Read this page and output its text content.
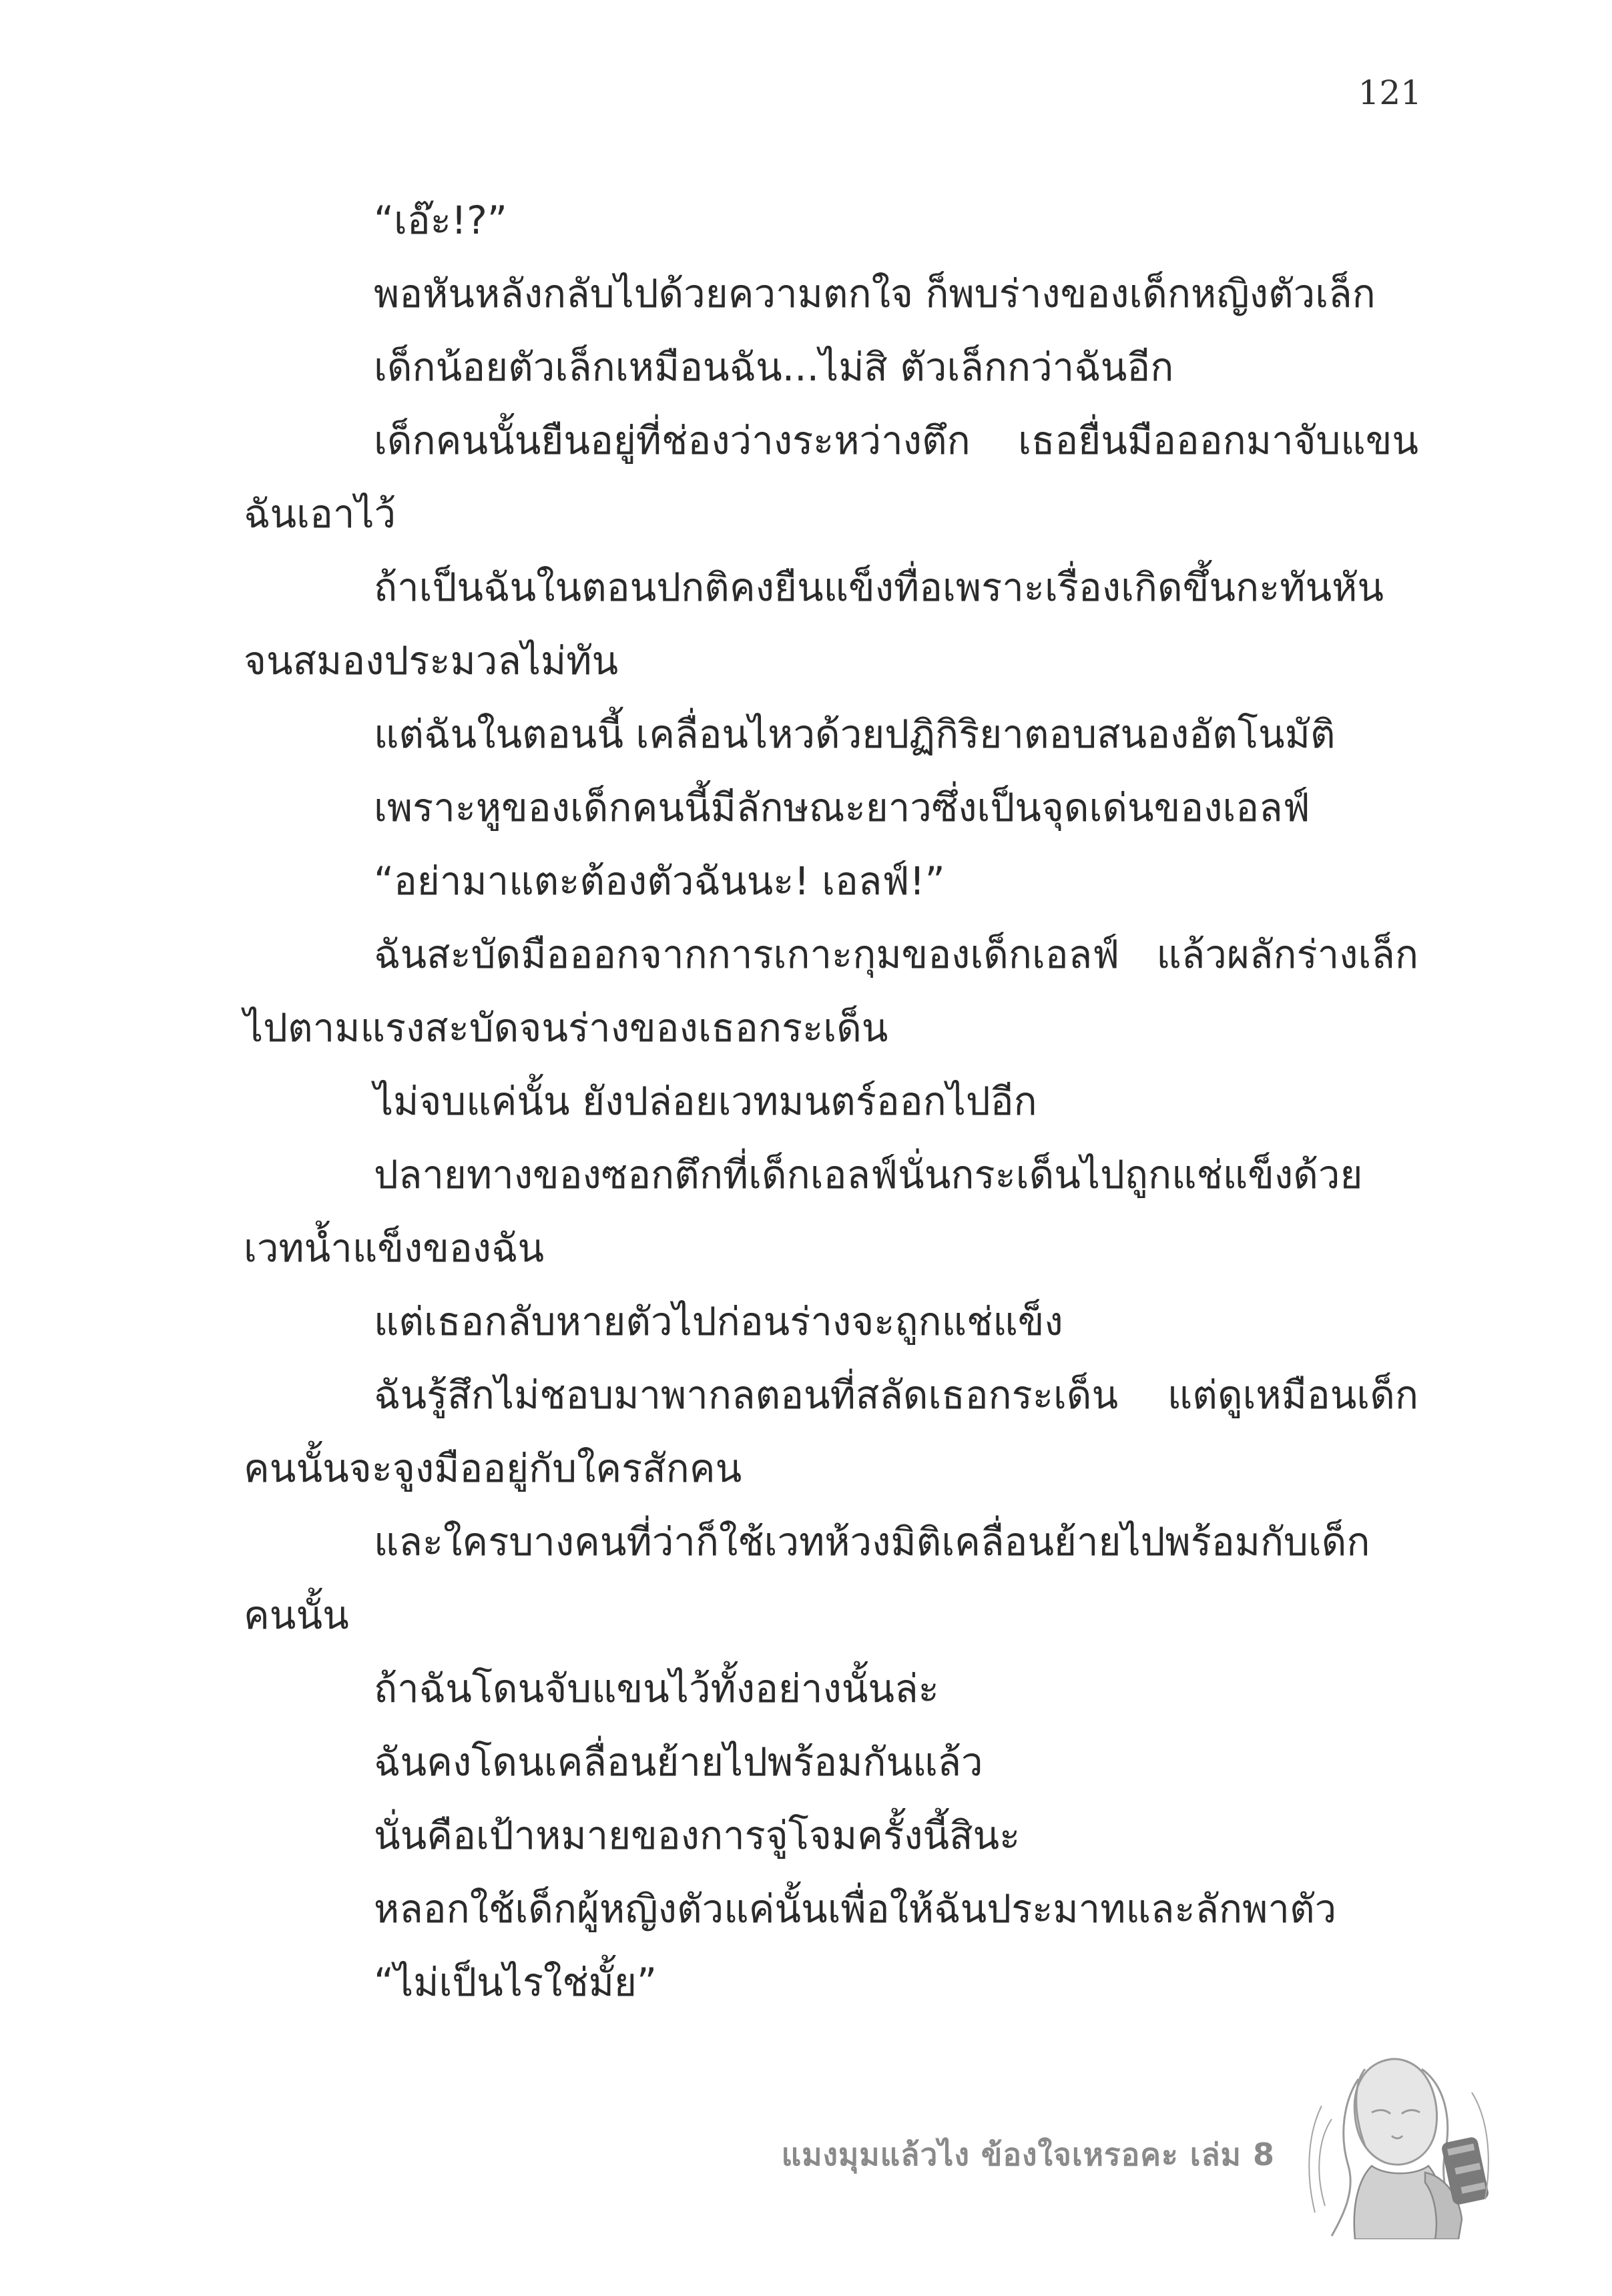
121

“เอ๊ะ!?”

พอหันหลังกลับไปด้วยความตกใจ ก็พบร่างของเด็กหญิงตัวเล็ก

เด็กน้อยตัวเล็กเหมือนฉัน...ไม่สิ ตัวเล็กกว่าฉันอีก

เด็กคนนั้นยืนอยู่ที่ช่องว่างระหว่างตึก เธอยื่นมือออกมาจับแขนฉันเอาไว้

ถ้าเป็นฉันในตอนปกติคงยืนแข็งทื่อเพราะเรื่องเกิดขึ้นกะทันหันจนสมองประมวลไม่ทัน

แต่ฉันในตอนนี้ เคลื่อนไหวด้วยปฏิกิริยาตอบสนองอัตโนมัติ

เพราะหูของเด็กคนนี้มีลักษณะยาวซึ่งเป็นจุดเด่นของเอลฟ์

“อย่ามาแตะต้องตัวฉันนะ! เอลฟ์!”

ฉันสะบัดมือออกจากการเกาะกุมของเด็กเอลฟ์ แล้วผลักร่างเล็กไปตามแรงสะบัดจนร่างของเธอกระเด็น

ไม่จบแค่นั้น ยังปล่อยเวทมนตร์ออกไปอีก

ปลายทางของซอกตึกที่เด็กเอลฟ์นั่นกระเด็นไปถูกแช่แข็งด้วยเวทน้ำแข็งของฉัน

แต่เธอกลับหายตัวไปก่อนร่างจะถูกแช่แข็ง

ฉันรู้สึกไม่ชอบมาพากลตอนที่สลัดเธอกระเด็น แต่ดูเหมือนเด็กคนนั้นจะจูงมืออยู่กับใครสักคน

และใครบางคนที่ว่าก็ใช้เวทห้วงมิติเคลื่อนย้ายไปพร้อมกับเด็กคนนั้น

ถ้าฉันโดนจับแขนไว้ทั้งอย่างนั้นล่ะ

ฉันคงโดนเคลื่อนย้ายไปพร้อมกันแล้ว

นั่นคือเป้าหมายของการจู่โจมครั้งนี้สินะ

หลอกใช้เด็กผู้หญิงตัวแค่นั้นเพื่อให้ฉันประมาทและลักพาตัว

“ไม่เป็นไรใช่มั้ย”

แมงมุมแล้วไง ข้องใจเหรอคะ เล่ม 8
